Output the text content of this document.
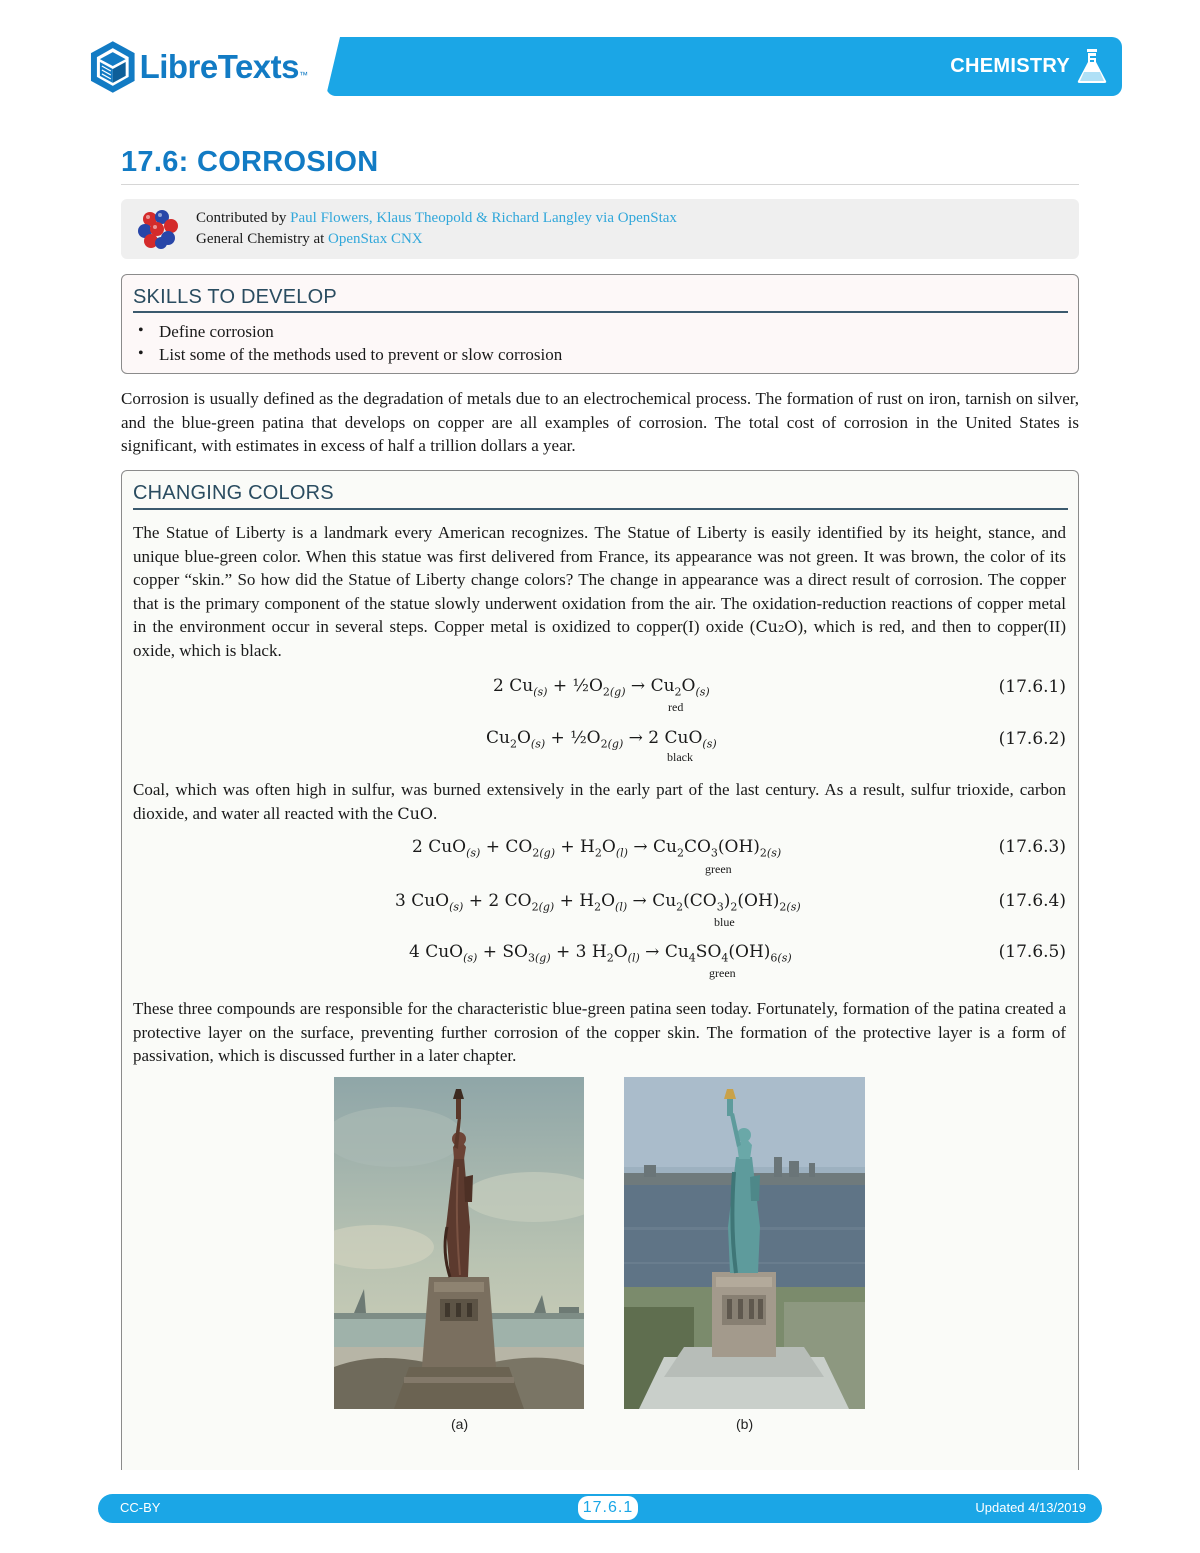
LibreTexts ™	CHEMISTRY
17.6: CORROSION
Contributed by Paul Flowers, Klaus Theopold & Richard Langley via OpenStax
General Chemistry at OpenStax CNX
SKILLS TO DEVELOP
• Define corrosion
• List some of the methods used to prevent or slow corrosion

Corrosion is usually defined as the degradation of metals due to an electrochemical process. The formation of rust on iron, tarnish on silver, and the blue-green patina that develops on copper are all examples of corrosion. The total cost of corrosion in the United States is significant, with estimates in excess of half a trillion dollars a year.

CHANGING COLORS

The Statue of Liberty is a landmark every American recognizes. The Statue of Liberty is easily identified by its height, stance, and unique blue-green color. When this statue was first delivered from France, its appearance was not green. It was brown, the color of its copper “skin.” So how did the Statue of Liberty change colors? The change in appearance was a direct result of corrosion. The copper that is the primary component of the statue slowly underwent oxidation from the air. The oxidation-reduction reactions of copper metal in the environment occur in several steps. Copper metal is oxidized to copper(I) oxide (Cu₂O), which is red, and then to copper(II) oxide, which is black.

2 $Cu_{(s)}$ + $\frac{1}{2}O_{2(g)} \to Cu_2O_{(s)}$
red
(17.6.1)
$Cu_2O_{(s)}$ + $\frac{1}{2}O_{2(g)} \to 2$ CuO$_{(s)}$
black
(17.6.2)

Coal, which was often high in sulfur, was burned extensively in the early part of the last century. As a result, sulfur trioxide, carbon dioxide, and water all reacted with the CuO.

2 $CuO_{(s)} + CO_{2(g)} + H_2O_{(l)} \to Cu_2CO_3(OH)_{2(s)}$
green
(17.6.3)
3 CuO$_{(s)}$ + 2 $CO_{2(g)} + H_2O_{(l)} \to Cu_2(CO_3)_2(OH)_{2(s)}$
blue
(17.6.4)
4 $CuO_{(s)} + SO_{3(g)} + 3$ $H_2O_{(l)} \to Cu_4SO_4(OH)_{6(s)}$
green
(17.6.5)

These three compounds are responsible for the characteristic blue-green patina seen today. Fortunately, formation of the patina created a protective layer on the surface, preventing further corrosion of the copper skin. The formation of the protective layer is a form of passivation, which is discussed further in a later chapter.

(a)	(b)
CC-BY	17.6.1	Updated 4/13/2019
